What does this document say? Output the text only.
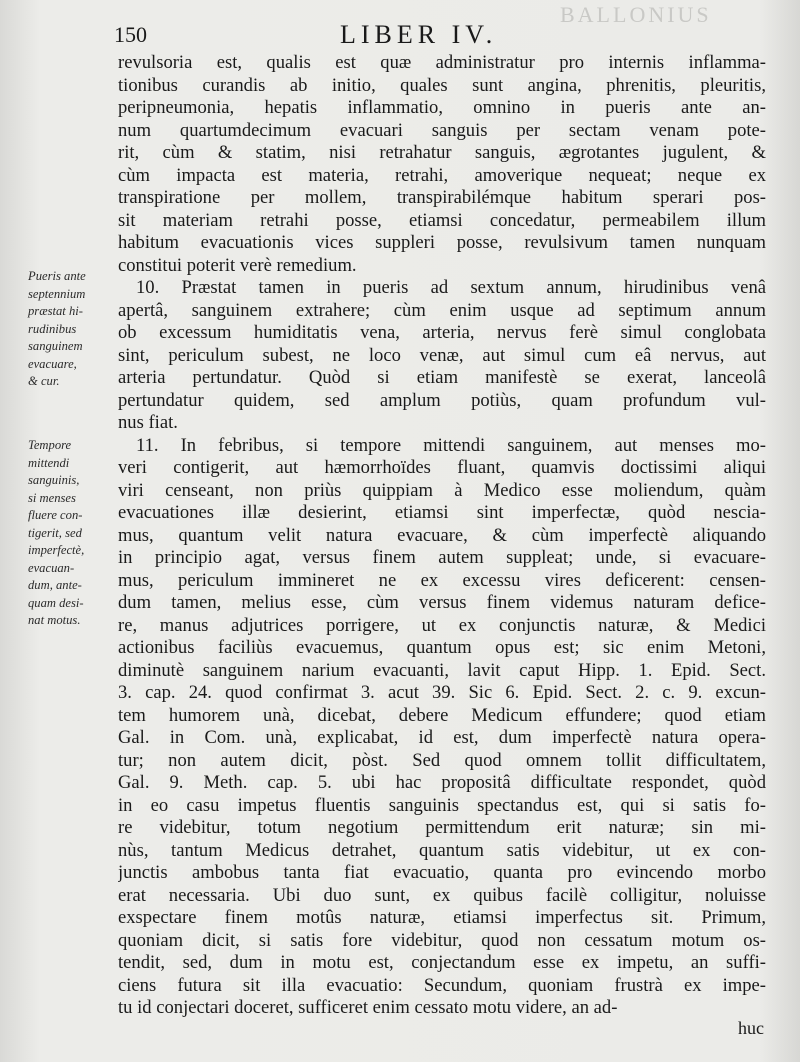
BALLONIUS
150	LIBER IV.
Pueris ante
septennium
præstat hi-
rudinibus
sanguinem
evacuare,
& cur.
Tempore
mittendi
sanguinis,
si menses
fluere con-
tigerit, sed
imperfectè,
evacuan-
dum, ante-
quam desi-
nat motus.
revulsoria est, qualis est quæ administratur pro internis inflamma-
tionibus curandis ab initio, quales sunt angina, phrenitis, pleuritis,
peripneumonia, hepatis inflammatio, omnino in pueris ante an-
num quartumdecimum evacuari sanguis per sectam venam pote-
rit, cùm & statim, nisi retrahatur sanguis, ægrotantes jugulent, &
cùm impacta est materia, retrahi, amoverique nequeat; neque ex
transpiratione per mollem, transpirabilémque habitum sperari pos-
sit materiam retrahi posse, etiamsi concedatur, permeabilem illum
habitum evacuationis vices suppleri posse, revulsivum tamen nunquam
constitui poterit verè remedium.
10. Præstat tamen in pueris ad sextum annum, hirudinibus venâ
apertâ, sanguinem extrahere; cùm enim usque ad septimum annum
ob excessum humiditatis vena, arteria, nervus ferè simul conglobata
sint, periculum subest, ne loco venæ, aut simul cum eâ nervus, aut
arteria pertundatur. Quòd si etiam manifestè se exerat, lanceolâ
pertundatur quidem, sed amplum potiùs, quam profundum vul-
nus fiat.
11. In febribus, si tempore mittendi sanguinem, aut menses mo-
veri contigerit, aut hæmorrhoïdes fluant, quamvis doctissimi aliqui
viri censeant, non priùs quippiam à Medico esse moliendum, quàm
evacuationes illæ desierint, etiamsi sint imperfectæ, quòd nescia-
mus, quantum velit natura evacuare, & cùm imperfectè aliquando
in principio agat, versus finem autem suppleat; unde, si evacuare-
mus, periculum immineret ne ex excessu vires deficerent: censen-
dum tamen, melius esse, cùm versus finem videmus naturam defice-
re, manus adjutrices porrigere, ut ex conjunctis naturæ, & Medici
actionibus faciliùs evacuemus, quantum opus est; sic enim Metoni,
diminutè sanguinem narium evacuanti, lavit caput Hipp. 1. Epid. Sect.
3. cap. 24. quod confirmat 3. acut 39. Sic 6. Epid. Sect. 2. c. 9. excun-
tem humorem unà, dicebat, debere Medicum effundere; quod etiam
Gal. in Com. unà, explicabat, id est, dum imperfectè natura opera-
tur; non autem dicit, pòst. Sed quod omnem tollit difficultatem,
Gal. 9. Meth. cap. 5. ubi hac propositâ difficultate respondet, quòd
in eo casu impetus fluentis sanguinis spectandus est, qui si satis fo-
re videbitur, totum negotium permittendum erit naturæ; sin mi-
nùs, tantum Medicus detrahet, quantum satis videbitur, ut ex con-
junctis ambobus tanta fiat evacuatio, quanta pro evincendo morbo
erat necessaria. Ubi duo sunt, ex quibus facilè colligitur, noluisse
exspectare finem motûs naturæ, etiamsi imperfectus sit. Primum,
quoniam dicit, si satis fore videbitur, quod non cessatum motum os-
tendit, sed, dum in motu est, conjectandum esse ex impetu, an suffi-
ciens futura sit illa evacuatio: Secundum, quoniam frustrà ex impe-
tu id conjectari doceret, sufficeret enim cessato motu videre, an ad-
huc
